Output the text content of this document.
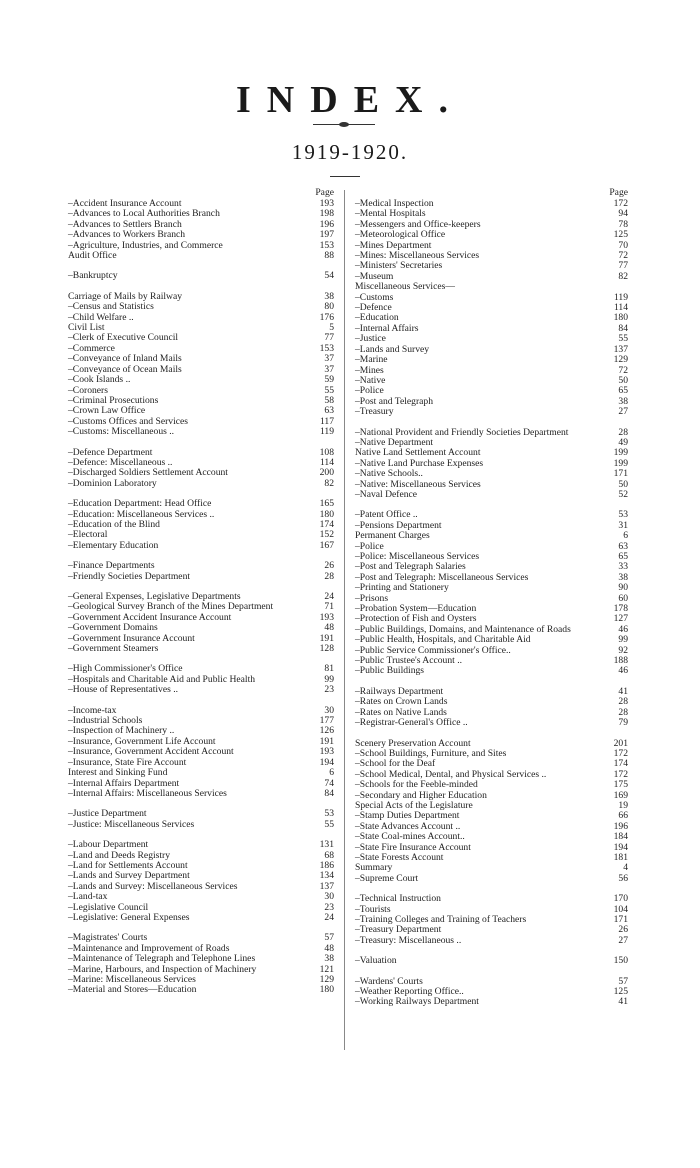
INDEX.
1919-1920.
Page
–Accident Insurance Account	193
–Advances to Local Authorities Branch	198
–Advances to Settlers Branch	196
–Advances to Workers Branch	197
–Agriculture, Industries, and Commerce	153
Audit Office	88
–Bankruptcy	54
Carriage of Mails by Railway	38
–Census and Statistics	80
–Child Welfare ..	176
Civil List	5
–Clerk of Executive Council	77
–Commerce	153
–Conveyance of Inland Mails	37
–Conveyance of Ocean Mails	37
–Cook Islands ..	59
–Coroners	55
–Criminal Prosecutions	58
–Crown Law Office	63
–Customs Offices and Services	117
–Customs: Miscellaneous ..	119
–Defence Department	108
–Defence: Miscellaneous ..	114
–Discharged Soldiers Settlement Account	200
–Dominion Laboratory	82
–Education Department: Head Office	165
–Education: Miscellaneous Services ..	180
–Education of the Blind	174
–Electoral	152
–Elementary Education	167
–Finance Departments	26
–Friendly Societies Department	28
–General Expenses, Legislative Departments	24
–Geological Survey Branch of the Mines Department	71
–Government Accident Insurance Account	193
–Government Domains	48
–Government Insurance Account	191
–Government Steamers	128
–High Commissioner's Office	81
–Hospitals and Charitable Aid and Public Health	99
–House of Representatives ..	23
–Income-tax	30
–Industrial Schools	177
–Inspection of Machinery ..	126
–Insurance, Government Life Account	191
–Insurance, Government Accident Account	193
–Insurance, State Fire Account	194
Interest and Sinking Fund	6
–Internal Affairs Department	74
–Internal Affairs: Miscellaneous Services	84
–Justice Department	53
–Justice: Miscellaneous Services	55
–Labour Department	131
–Land and Deeds Registry	68
–Land for Settlements Account	186
–Lands and Survey Department	134
–Lands and Survey: Miscellaneous Services	137
–Land-tax	30
–Legislative Council	23
–Legislative: General Expenses	24
–Magistrates' Courts	57
–Maintenance and Improvement of Roads	48
–Maintenance of Telegraph and Telephone Lines	38
–Marine, Harbours, and Inspection of Machinery	121
–Marine: Miscellaneous Services	129
–Material and Stores—Education	180
Page
–Medical Inspection	172
–Mental Hospitals	94
–Messengers and Office-keepers	78
–Meteorological Office	125
–Mines Department	70
–Mines: Miscellaneous Services	72
–Ministers' Secretaries	77
–Museum	82
Miscellaneous Services—
–Customs	119
–Defence	114
–Education	180
–Internal Affairs	84
–Justice	55
–Lands and Survey	137
–Marine	129
–Mines	72
–Native	50
–Police	65
–Post and Telegraph	38
–Treasury	27
–National Provident and Friendly Societies Department	28
–Native Department	49
Native Land Settlement Account	199
–Native Land Purchase Expenses	199
–Native Schools..	171
–Native: Miscellaneous Services	50
–Naval Defence	52
–Patent Office ..	53
–Pensions Department	31
Permanent Charges	6
–Police	63
–Police: Miscellaneous Services	65
–Post and Telegraph Salaries	33
–Post and Telegraph: Miscellaneous Services	38
–Printing and Stationery	90
–Prisons	60
–Probation System—Education	178
–Protection of Fish and Oysters	127
–Public Buildings, Domains, and Maintenance of Roads	46
–Public Health, Hospitals, and Charitable Aid	99
–Public Service Commissioner's Office..	92
–Public Trustee's Account ..	188
–Public Buildings	46
–Railways Department	41
–Rates on Crown Lands	28
–Rates on Native Lands	28
–Registrar-General's Office ..	79
Scenery Preservation Account	201
–School Buildings, Furniture, and Sites	172
–School for the Deaf	174
–School Medical, Dental, and Physical Services ..	172
–Schools for the Feeble-minded	175
–Secondary and Higher Education	169
Special Acts of the Legislature	19
–Stamp Duties Department	66
–State Advances Account ..	196
–State Coal-mines Account..	184
–State Fire Insurance Account	194
–State Forests Account	181
Summary	4
–Supreme Court	56
–Technical Instruction	170
–Tourists	104
–Training Colleges and Training of Teachers	171
–Treasury Department	26
–Treasury: Miscellaneous ..	27
–Valuation	150
–Wardens' Courts	57
–Weather Reporting Office..	125
–Working Railways Department	41
